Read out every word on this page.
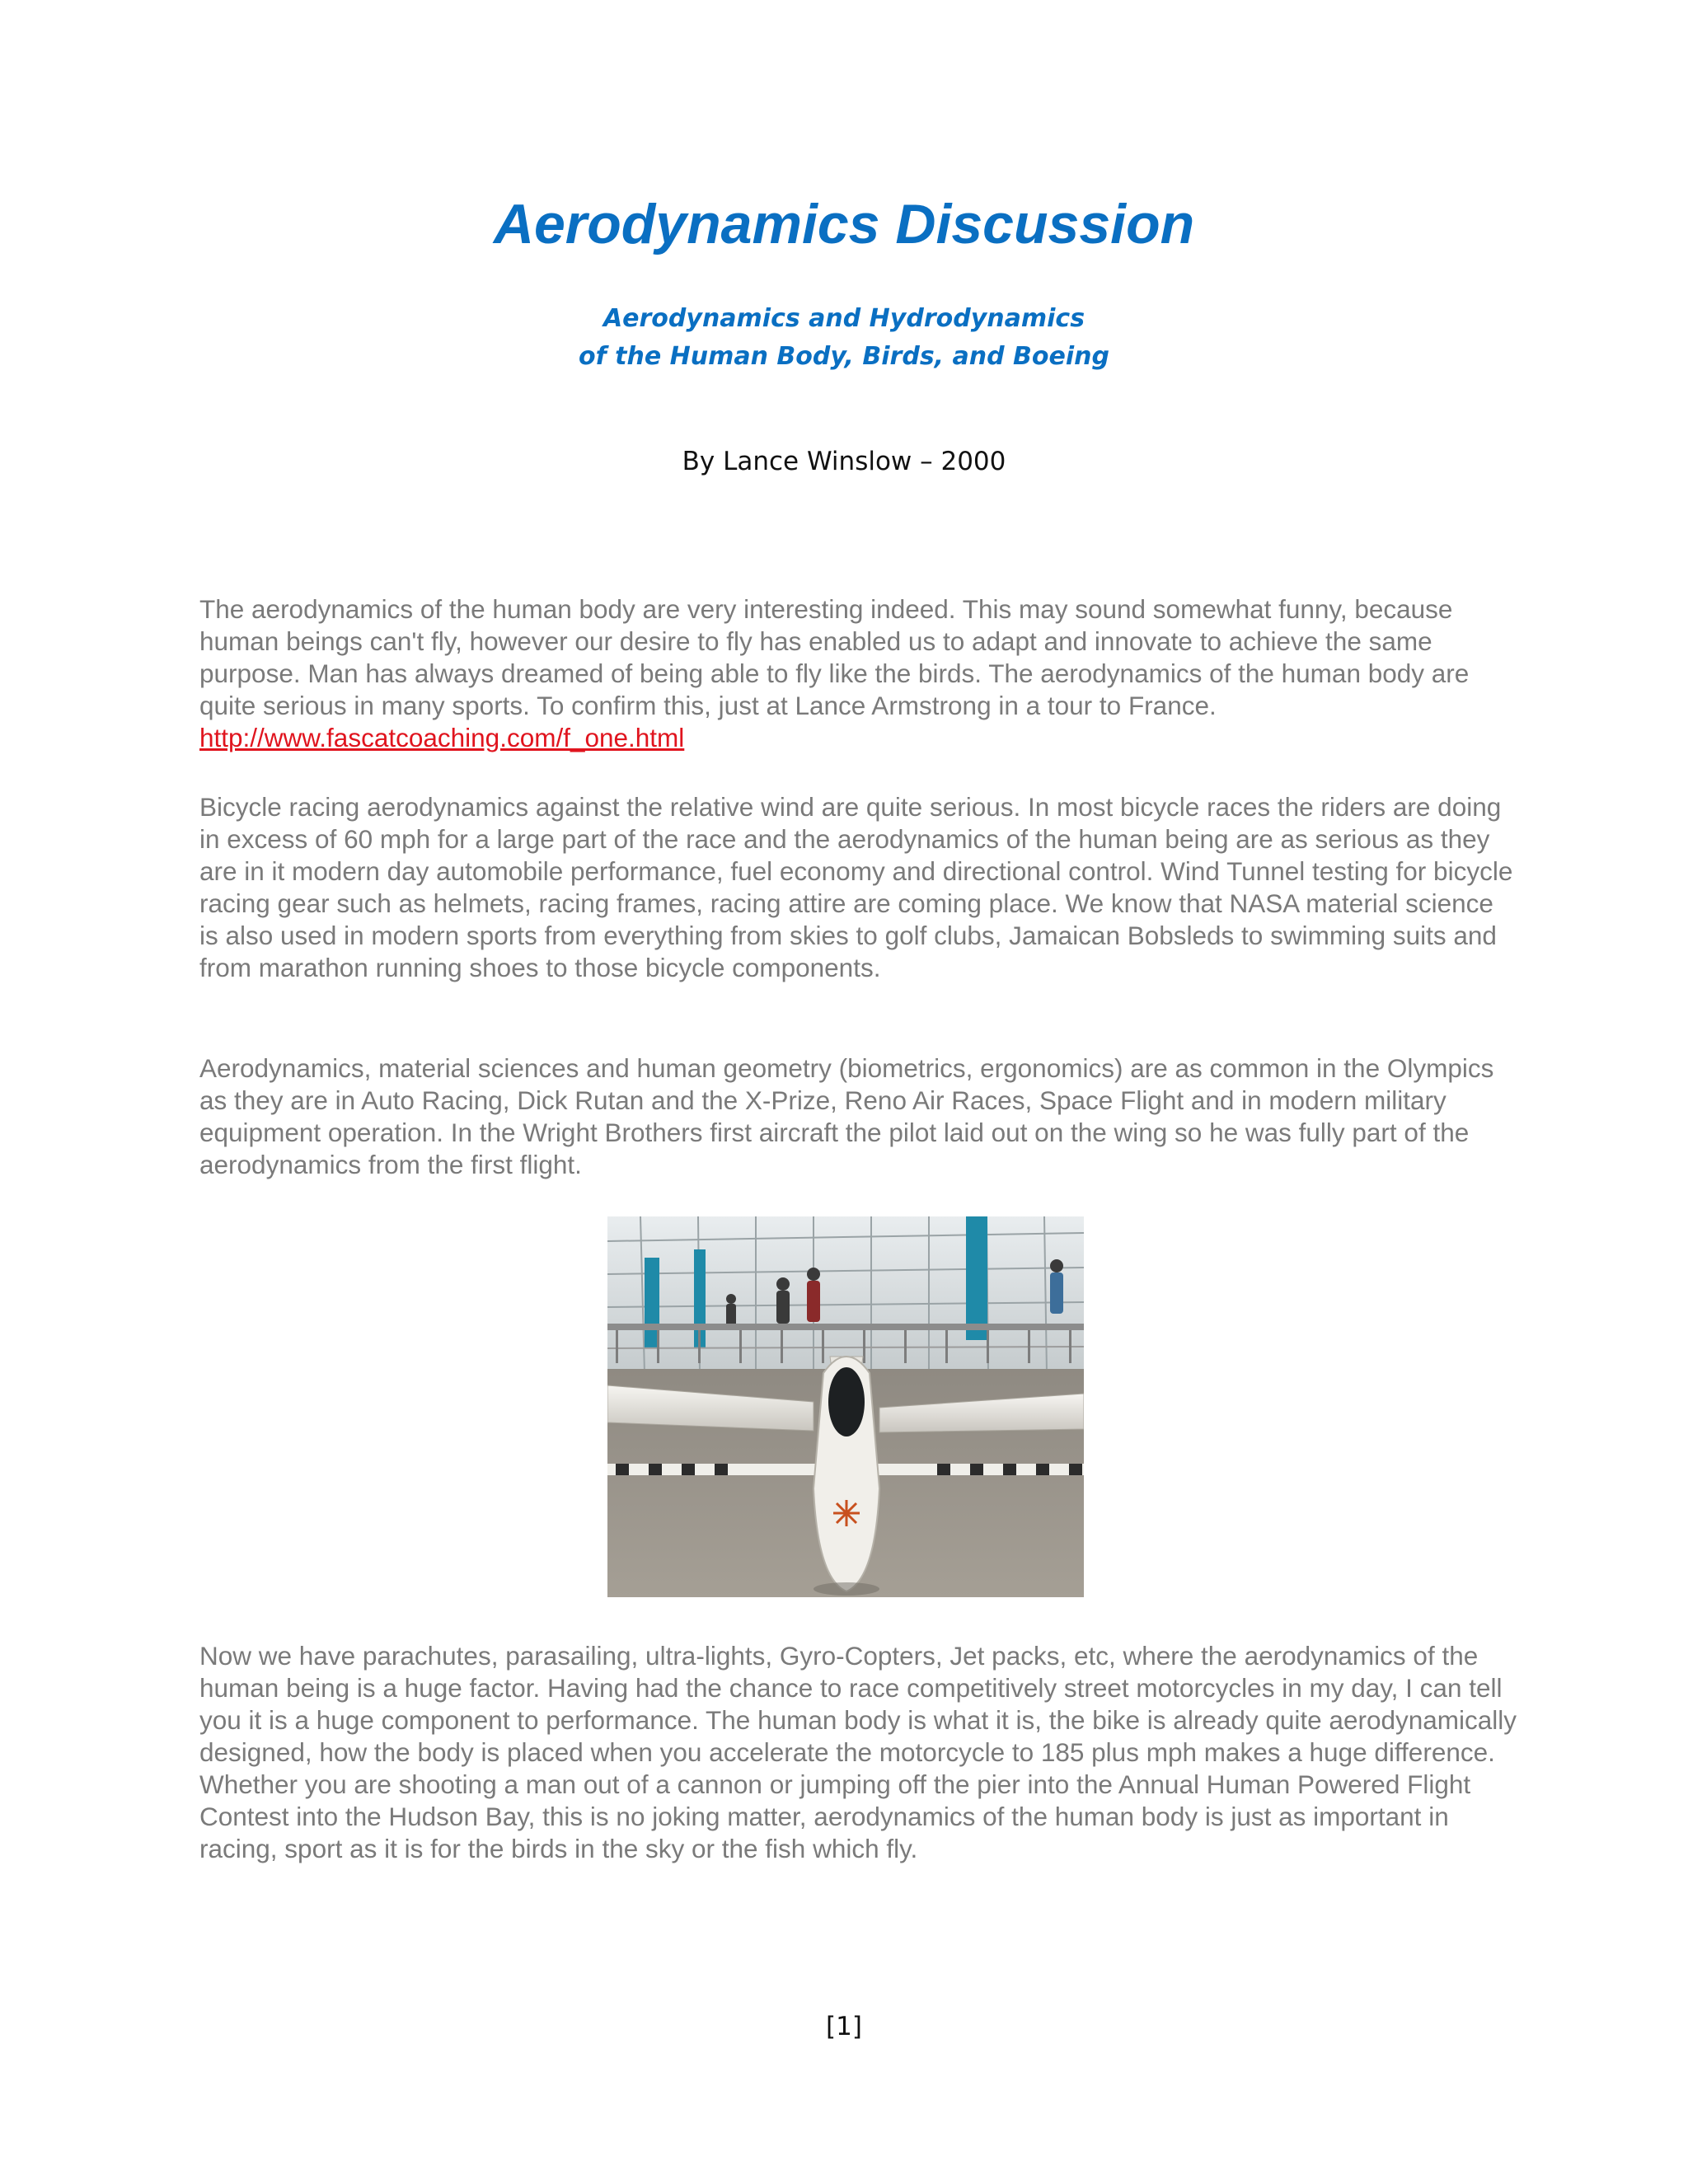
Aerodynamics Discussion
Aerodynamics and Hydrodynamics
of the Human Body, Birds, and Boeing
By Lance Winslow – 2000

The aerodynamics of the human body are very interesting indeed. This may sound somewhat funny, because human beings can't fly, however our desire to fly has enabled us to adapt and innovate to achieve the same purpose. Man has always dreamed of being able to fly like the birds. The aerodynamics of the human body are quite serious in many sports. To confirm this, just at Lance Armstrong in a tour to France. http://www.fascatcoaching.com/f_one.html

Bicycle racing aerodynamics against the relative wind are quite serious. In most bicycle races the riders are doing in excess of 60 mph for a large part of the race and the aerodynamics of the human being are as serious as they are in it modern day automobile performance, fuel economy and directional control. Wind Tunnel testing for bicycle racing gear such as helmets, racing frames, racing attire are coming place. We know that NASA material science is also used in modern sports from everything from skies to golf clubs, Jamaican Bobsleds to swimming suits and from marathon running shoes to those bicycle components.

Aerodynamics, material sciences and human geometry (biometrics, ergonomics) are as common in the Olympics as they are in Auto Racing, Dick Rutan and the X-Prize, Reno Air Races, Space Flight and in modern military equipment operation. In the Wright Brothers first aircraft the pilot laid out on the wing so he was fully part of the aerodynamics from the first flight.

Now we have parachutes, parasailing, ultra-lights, Gyro-Copters, Jet packs, etc, where the aerodynamics of the human being is a huge factor. Having had the chance to race competitively street motorcycles in my day, I can tell you it is a huge component to performance. The human body is what it is, the bike is already quite aerodynamically designed, how the body is placed when you accelerate the motorcycle to 185 plus mph makes a huge difference. Whether you are shooting a man out of a cannon or jumping off the pier into the Annual Human Powered Flight Contest into the Hudson Bay, this is no joking matter, aerodynamics of the human body is just as important in racing, sport as it is for the birds in the sky or the fish which fly.

[1]
